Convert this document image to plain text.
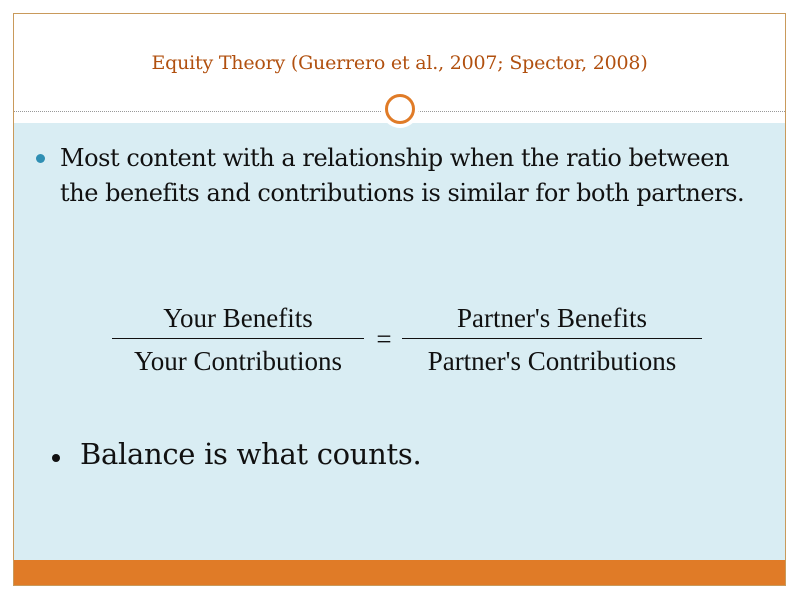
Equity Theory (Guerrero et al., 2007; Spector, 2008)
Most content with a relationship when the ratio between the benefits and contributions is similar for both partners.
Your Benefits
Your Contributions
=
Partner's Benefits
Partner's Contributions
Balance is what counts.
